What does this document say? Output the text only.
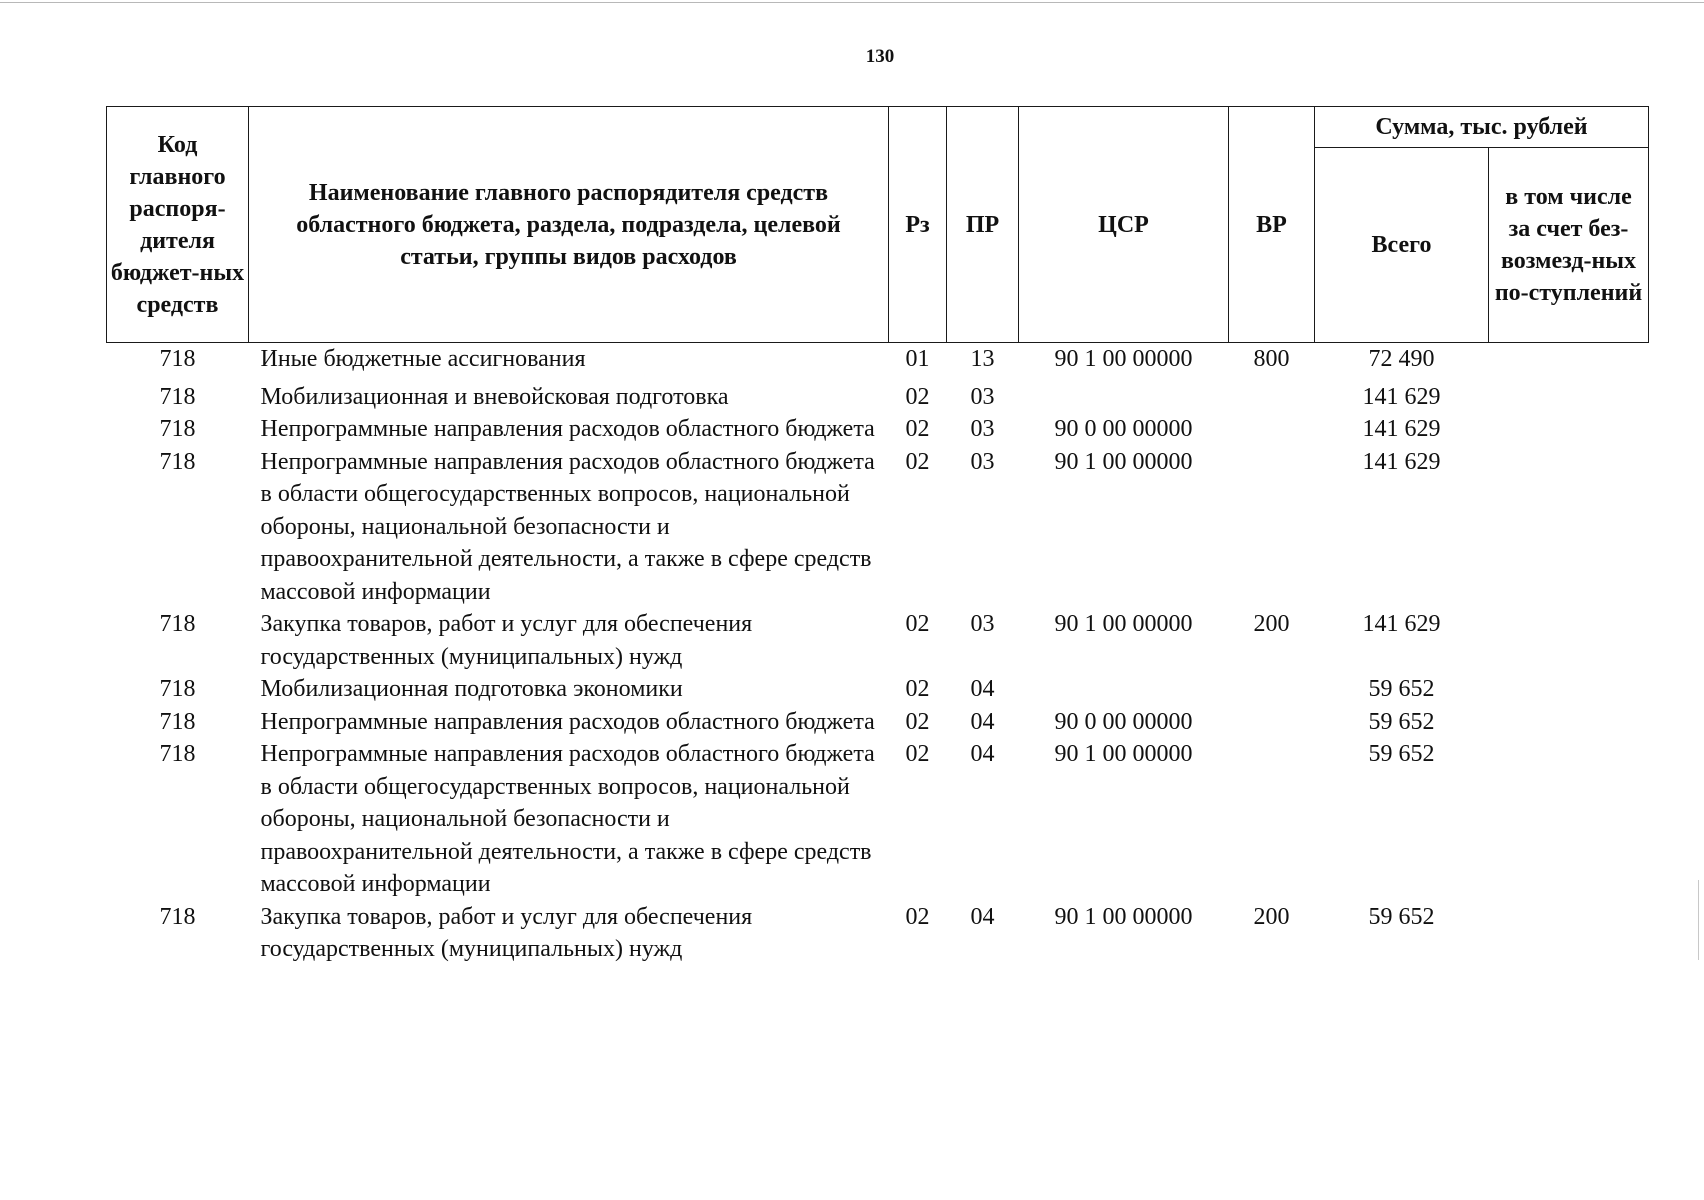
130
Код главного распоря-дителя бюджет-ных средств	Наименование главного распорядителя средств областного бюджета, раздела, подраздела, целевой статьи, группы видов расходов	Рз	ПР	ЦСР	ВР	Сумма, тыс. рублей	
						Всего	в том числе за счет без-возмезд-ных по-ступлений
718	Иные бюджетные ассигнования	01	13	90 1 00 00000	800	72 490	
718	Мобилизационная и вневойсковая подготовка	02	03			141 629	
718	Непрограммные направления расходов областного бюджета	02	03	90 0 00 00000		141 629	
718	Непрограммные направления расходов областного бюджета в области общегосударственных вопросов, национальной обороны, национальной безопасности и правоохранительной деятельности, а также в сфере средств массовой информации	02	03	90 1 00 00000		141 629	
718	Закупка товаров, работ и услуг для обеспечения государственных (муниципальных) нужд	02	03	90 1 00 00000	200	141 629	
718	Мобилизационная подготовка экономики	02	04			59 652	
718	Непрограммные направления расходов областного бюджета	02	04	90 0 00 00000		59 652	
718	Непрограммные направления расходов областного бюджета в области общегосударственных вопросов, национальной обороны, национальной безопасности и правоохранительной деятельности, а также в сфере средств массовой информации	02	04	90 1 00 00000		59 652	
718	Закупка товаров, работ и услуг для обеспечения государственных (муниципальных) нужд	02	04	90 1 00 00000	200	59 652	
